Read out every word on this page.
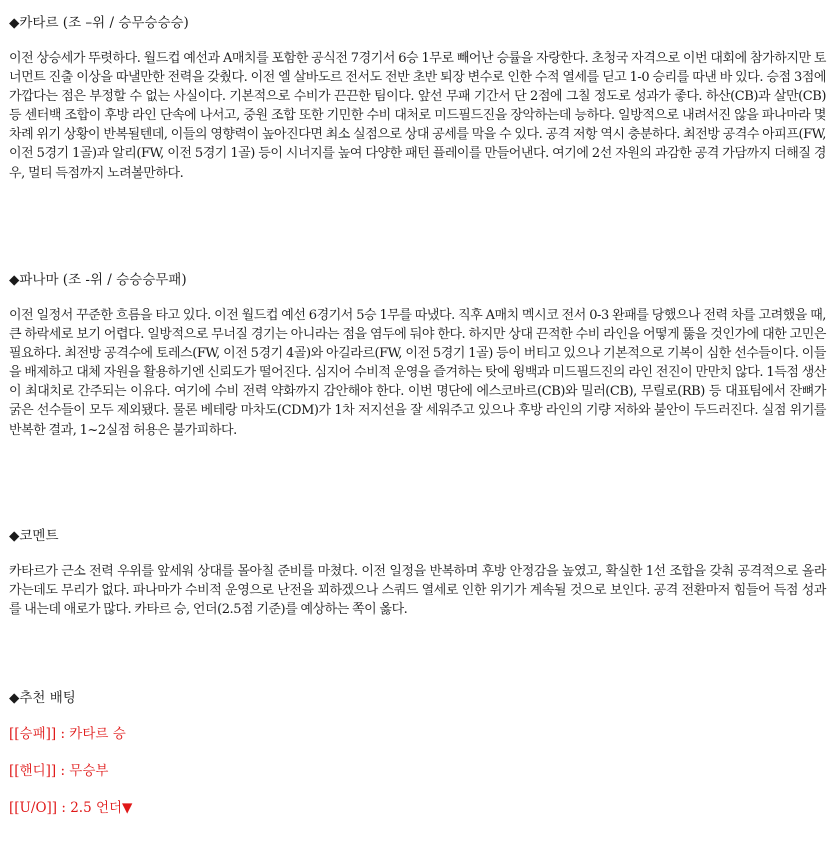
◆카타르 (조 –위 / 승무승승승)

이전 상승세가 뚜렷하다. 월드컵 예선과 A매치를 포함한 공식전 7경기서 6승 1무로 빼어난 승률을 자랑한다. 초청국 자격으로 이번 대회에 참가하지만 토너먼트 진출 이상을 따낼만한 전력을 갖췄다. 이전 엘 살바도르 전서도 전반 초반 퇴장 변수로 인한 수적 열세를 딛고 1-0 승리를 따낸 바 있다. 승점 3점에 가깝다는 점은 부정할 수 없는 사실이다. 기본적으로 수비가 끈끈한 팀이다. 앞선 무패 기간서 단 2점에 그칠 정도로 성과가 좋다. 하산(CB)과 살만(CB) 등 센터백 조합이 후방 라인 단속에 나서고, 중원 조합 또한 기민한 수비 대처로 미드필드진을 장악하는데 능하다. 일방적으로 내려서진 않을 파나마라 몇 차례 위기 상황이 반복될텐데, 이들의 영향력이 높아진다면 최소 실점으로 상대 공세를 막을 수 있다. 공격 저항 역시 충분하다. 최전방 공격수 아피프(FW, 이전 5경기 1골)과 알리(FW, 이전 5경기 1골) 등이 시너지를 높여 다양한 패턴 플레이를 만들어낸다. 여기에 2선 자원의 과감한 공격 가담까지 더해질 경우, 멀티 득점까지 노려볼만하다.

◆파나마 (조 -위 / 승승승무패)

이전 일정서 꾸준한 흐름을 타고 있다. 이전 월드컵 예선 6경기서 5승 1무를 따냈다. 직후 A매치 멕시코 전서 0-3 완패를 당했으나 전력 차를 고려했을 때, 큰 하락세로 보기 어렵다. 일방적으로 무너질 경기는 아니라는 점을 염두에 둬야 한다. 하지만 상대 끈적한 수비 라인을 어떻게 뚫을 것인가에 대한 고민은 필요하다. 최전방 공격수에 토레스(FW, 이전 5경기 4골)와 아길라르(FW, 이전 5경기 1골) 등이 버티고 있으나 기본적으로 기복이 심한 선수들이다. 이들을 배제하고 대체 자원을 활용하기엔 신뢰도가 떨어진다. 심지어 수비적 운영을 즐겨하는 탓에 윙백과 미드필드진의 라인 전진이 만만치 않다. 1득점 생산이 최대치로 간주되는 이유다. 여기에 수비 전력 약화까지 감안해야 한다. 이번 명단에 에스코바르(CB)와 밀러(CB), 무릴로(RB) 등 대표팀에서 잔뼈가 굵은 선수들이 모두 제외됐다. 물론 베테랑 마차도(CDM)가 1차 저지선을 잘 세워주고 있으나 후방 라인의 기량 저하와 불안이 두드러진다. 실점 위기를 반복한 결과, 1~2실점 허용은 불가피하다.

◆코멘트

카타르가 근소 전력 우위를 앞세워 상대를 몰아칠 준비를 마쳤다. 이전 일정을 반복하며 후방 안정감을 높였고, 확실한 1선 조합을 갖춰 공격적으로 올라가는데도 무리가 없다. 파나마가 수비적 운영으로 난전을 꾀하겠으나 스쿼드 열세로 인한 위기가 계속될 것으로 보인다. 공격 전환마저 힘들어 득점 성과를 내는데 애로가 많다. 카타르 승, 언더(2.5점 기준)를 예상하는 쪽이 옳다.

◆추천 배팅
[[승패]] : 카타르 승
[[핸디]] : 무승부
[[U/O]] : 2.5 언더▼
